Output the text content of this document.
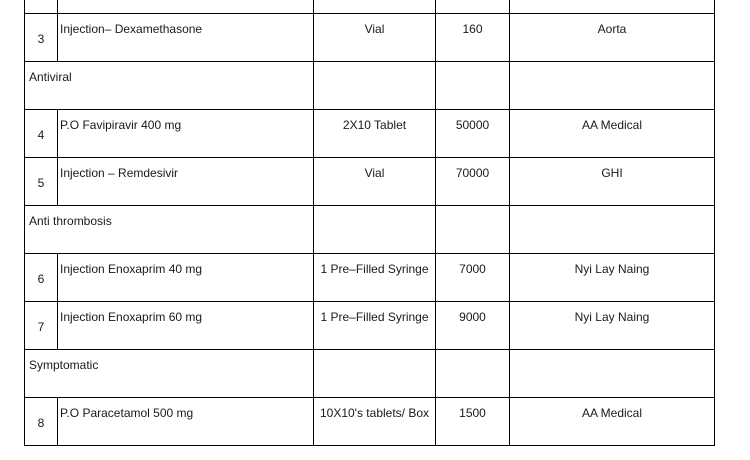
3	Injection– Dexamethasone	Vial	160	Aorta

Antiviral				

4	P.O Favipiravir 400 mg	2X10 Tablet	50000	AA Medical

5	Injection – Remdesivir	Vial	70000	GHI

Anti thrombosis				

6	Injection Enoxaprim 40 mg	1 Pre–Filled Syringe	7000	Nyi Lay Naing

7	Injection Enoxaprim 60 mg	1 Pre–Filled Syringe	9000	Nyi Lay Naing

Symptomatic				

8	P.O Paracetamol 500 mg	10X10's tablets/ Box	1500	AA Medical
